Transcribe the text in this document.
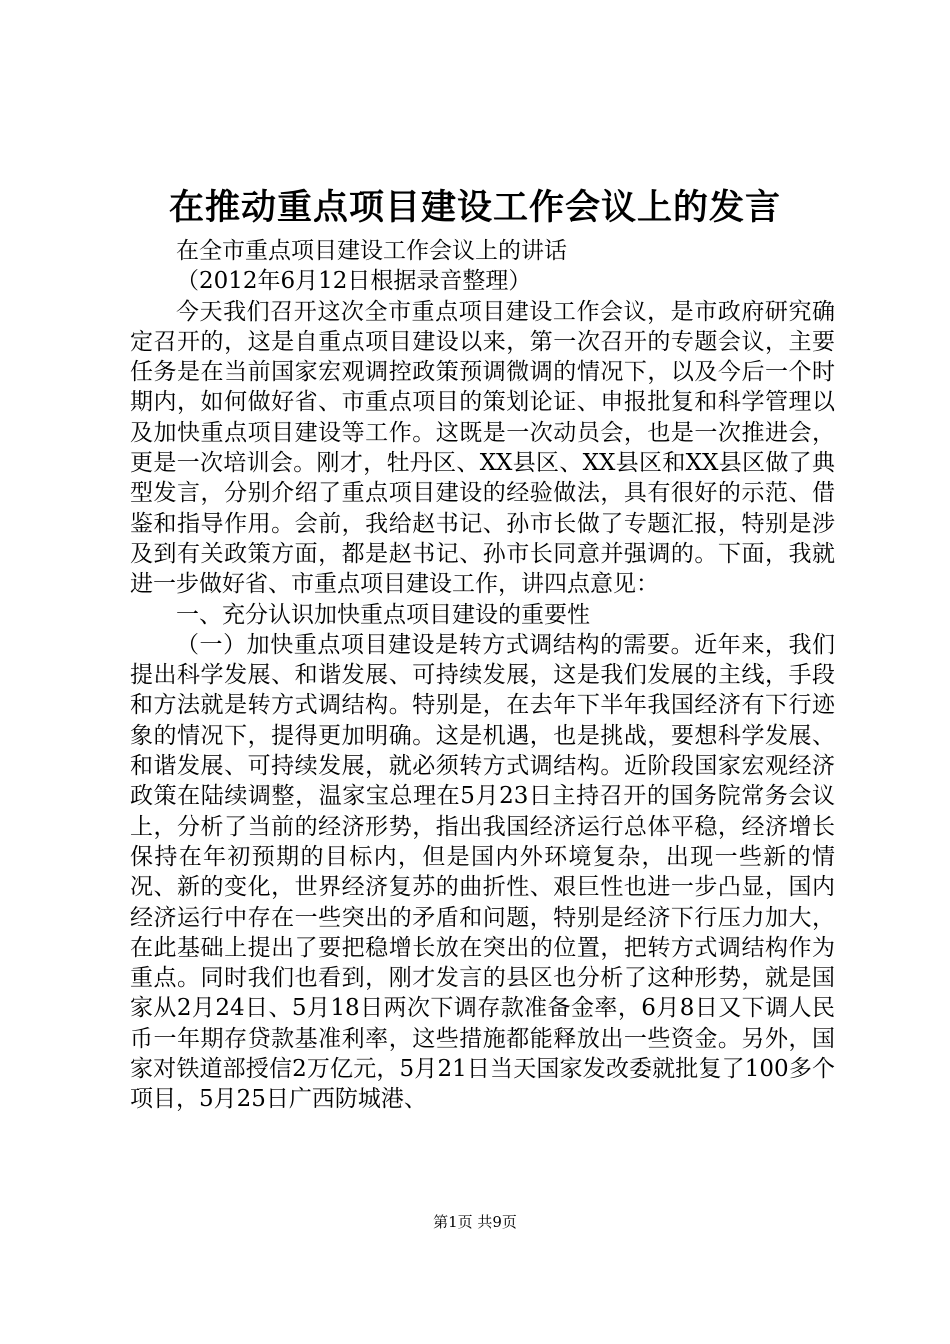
在推动重点项目建设工作会议上的发言

在全市重点项目建设工作会议上的讲话

（2012年6月12日根据录音整理）

今天我们召开这次全市重点项目建设工作会议，是市政府研究确定召开的，这是自重点项目建设以来，第一次召开的专题会议，主要任务是在当前国家宏观调控政策预调微调的情况下，以及今后一个时期内，如何做好省、市重点项目的策划论证、申报批复和科学管理以及加快重点项目建设等工作。这既是一次动员会，也是一次推进会，更是一次培训会。刚才，牡丹区、XX县区、XX县区和XX县区做了典型发言，分别介绍了重点项目建设的经验做法，具有很好的示范、借鉴和指导作用。会前，我给赵书记、孙市长做了专题汇报，特别是涉及到有关政策方面，都是赵书记、孙市长同意并强调的。下面，我就进一步做好省、市重点项目建设工作，讲四点意见：

一、充分认识加快重点项目建设的重要性

（一）加快重点项目建设是转方式调结构的需要。近年来，我们提出科学发展、和谐发展、可持续发展，这是我们发展的主线，手段和方法就是转方式调结构。特别是，在去年下半年我国经济有下行迹象的情况下，提得更加明确。这是机遇，也是挑战，要想科学发展、和谐发展、可持续发展，就必须转方式调结构。近阶段国家宏观经济政策在陆续调整，温家宝总理在5月23日主持召开的国务院常务会议上，分析了当前的经济形势，指出我国经济运行总体平稳，经济增长保持在年初预期的目标内，但是国内外环境复杂，出现一些新的情况、新的变化，世界经济复苏的曲折性、艰巨性也进一步凸显，国内经济运行中存在一些突出的矛盾和问题，特别是经济下行压力加大，在此基础上提出了要把稳增长放在突出的位置，把转方式调结构作为重点。同时我们也看到，刚才发言的县区也分析了这种形势，就是国家从2月24日、5月18日两次下调存款准备金率，6月8日又下调人民币一年期存贷款基准利率，这些措施都能释放出一些资金。另外，国家对铁道部授信2万亿元，5月21日当天国家发改委就批复了100多个项目，5月25日广西防城港、

第1页 共9页
